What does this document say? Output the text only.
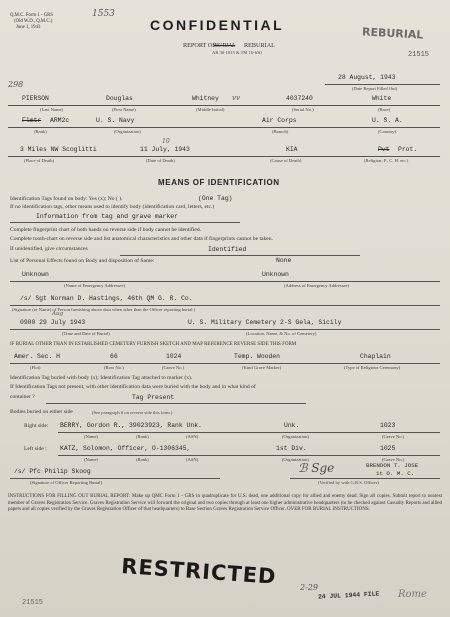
Q.M.C. Form 1 - GRS
(Old W.D., Q.M.C.)
June 1, 1943
1553
CONFIDENTIAL
REBURIAL
21515
REPORT OF
BURIAL REBURIAL
AR 30-1815 & TM 10-630
298
28 August, 1943
(Date Report Filled Out)
PIERSON	Douglas	Whitney vv	4037240	White
(Last Name)	(First Name)	(Middle Initial)	(Serial No.)	(Race)
Flmtr ARM2c	U. S. Navy	Air Corps	U. S. A.
(Rank)	(Organization)	(Branch)	(Country)
10
3 Miles NW Scoglitti	11 July, 1943	KIA	Pvt Prot.
(Place of Death)	(Date of Death)	(Cause of Death)	(Religion; P., C. H. etc.)
MEANS OF IDENTIFICATION
Identification Tags found on body: Yes (x); No ( ).	(One Tag)
If no identification tags, other means used to identify body (identification card, letters, etc.)
Information from tag and grave marker
Complete fingerprint chart of both hands on reverse side if body cannot be identified.
Complete tooth-chart on reverse side and list anatomical characteristics and other data if fingerprints cannot be taken.
If unidentified, give circumstances	Identified
List of Personal Effects found on Body and disposition of Same:	None
Unknown	Unknown
(Name of Emergency Addressee)	(Address of Emergency Addressee)
/s/ Sgt Norman D. Hastings, 46th QM G. R. Co.
(Signature (or Name) of Person furnishing above data when other than the Officer reporting burial.)
Aug
0900 29 July 1943	U. S. Military Cemetery 2-S Gela, Sicily
(Time and Date of Burial)	(Location, Name, & No. of Cemetery)
IF BURIAL OTHER THAN IN ESTABLISHED CEMETERY FURNISH SKETCH AND MAP REFERENCE REVERSE SIDE THIS FORM
Amer. Sec. H	66	1024	Temp. Wooden	Chaplain
(Plot)	(Row No.)	(Grave No.)	(Kind Grave Marker)	(Type of Religious Ceremony)
Identification Tag buried with body (x); Identification Tag attached to marker (x).
If Identification Tags not present, with other identification data were buried with the body and in what kind of
container ?	Tag Present
Bodies buried on either side	(See paragraph 6 on reverse side this form.)
Right side: BERRY, Gordon R., 39023923, Rank Unk.	Unk.	1023
(Name)	(Rank)	(ASN)	(Organization)	(Grave No.)
Left side : KATZ, Solomon, Officer, O-1306345,	1st Div.	1025
(Name)	(Rank)	(ASN)	(Organization)	(Grave No.)
/s/ Pfc Philip Skoog
(Signature of Officer Reporting Burial)
ℬ Sge	BRENDON T. JOSE
1t O. M. C.
(Verified by with G.R.S. Officer)
INSTRUCTIONS FOR FILLING OUT BURIAL REPORT: Make up QMC Form 1 - GRS in quadruplicate for U.S. dead, one additional copy for allied and enemy dead. Sign all copies. Submit report to nearest member of Graves Registration Service. Graves Registration Service will forward the original and two copies through at least one higher administrative headquarters (to be checked against Casualty Reports and allied papers and all copies verified by the Graves Registration Officer of that headquarters) to Base Section Graves Registration Service Officer. OVER FOR BURIAL INSTRUCTIONS.
RESTRICTED
24 JUL 1944 FILE
21515
2-29
Rome
